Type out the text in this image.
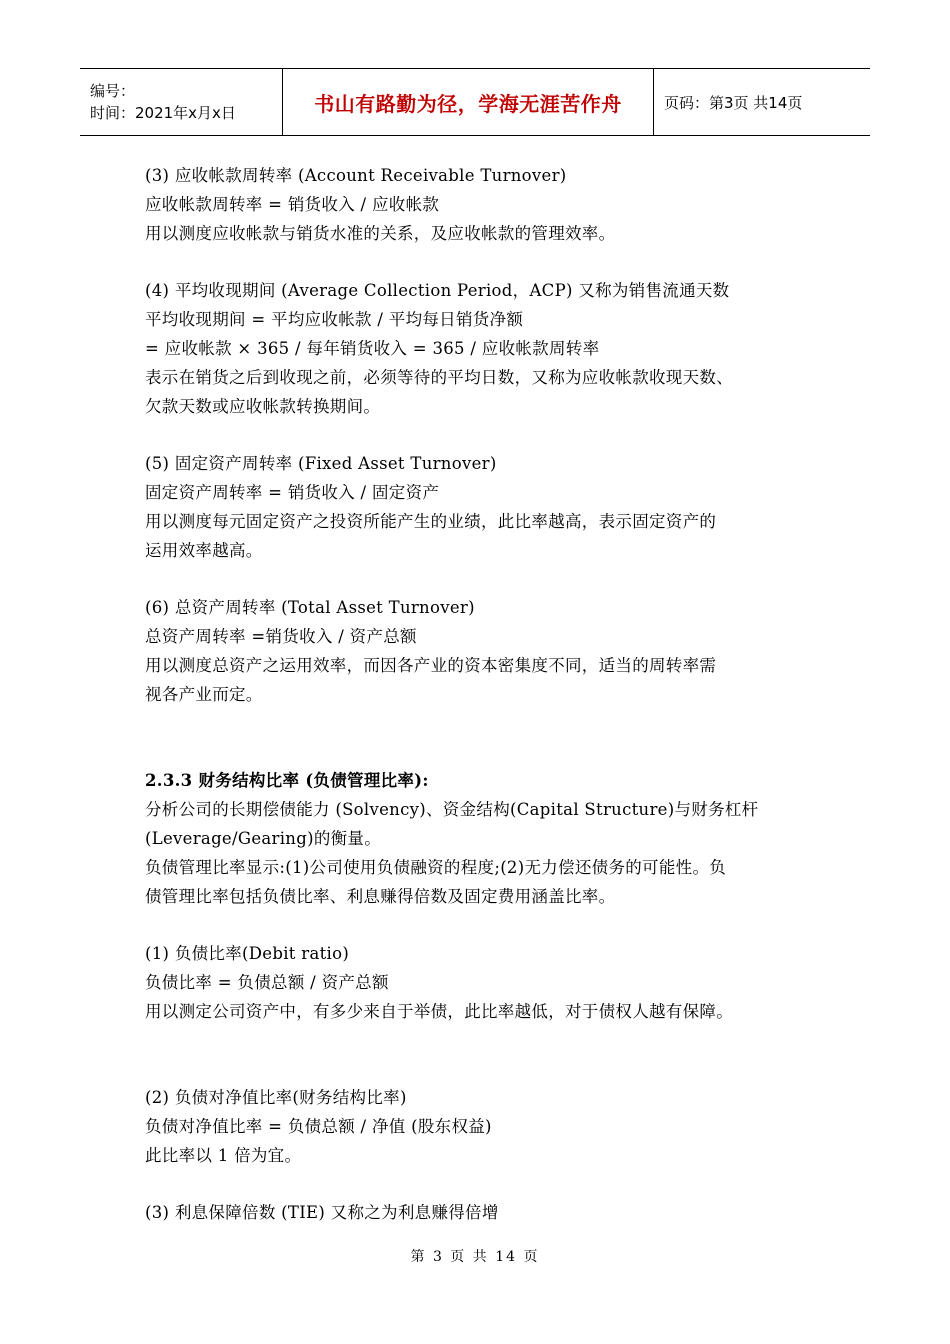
编号：
时间：2021年x月x日	书山有路勤为径，学海无涯苦作舟	页码：第3页 共14页
(3) 应收帐款周转率 (Account Receivable Turnover)
应收帐款周转率 = 销货收入 / 应收帐款
用以测度应收帐款与销货水准的关系，及应收帐款的管理效率。
(4) 平均收现期间 (Average Collection Period，ACP) 又称为销售流通天数
平均收现期间 = 平均应收帐款 / 平均每日销货净额
= 应收帐款 × 365 / 每年销货收入 = 365 / 应收帐款周转率
表示在销货之后到收现之前，必须等待的平均日数，又称为应收帐款收现天数、
欠款天数或应收帐款转换期间。
(5) 固定资产周转率 (Fixed Asset Turnover)
固定资产周转率 = 销货收入 / 固定资产
用以测度每元固定资产之投资所能产生的业绩，此比率越高，表示固定资产的
运用效率越高。
(6) 总资产周转率 (Total Asset Turnover)
总资产周转率 =销货收入 / 资产总额
用以测度总资产之运用效率，而因各产业的资本密集度不同，适当的周转率需
视各产业而定。
2.3.3 财务结构比率 (负债管理比率):
分析公司的长期偿债能力 (Solvency)、资金结构(Capital Structure)与财务杠杆
(Leverage/Gearing)的衡量。
负债管理比率显示:(1)公司使用负债融资的程度;(2)无力偿还债务的可能性。负
债管理比率包括负债比率、利息赚得倍数及固定费用涵盖比率。
(1) 负债比率(Debit ratio)
负债比率 = 负债总额 / 资产总额
用以测定公司资产中，有多少来自于举债，此比率越低，对于债权人越有保障。
(2) 负债对净值比率(财务结构比率)
负债对净值比率 = 负债总额 / 净值 (股东权益)
此比率以 1 倍为宜。
(3) 利息保障倍数 (TIE) 又称之为利息赚得倍增
第 3 页 共 14 页
